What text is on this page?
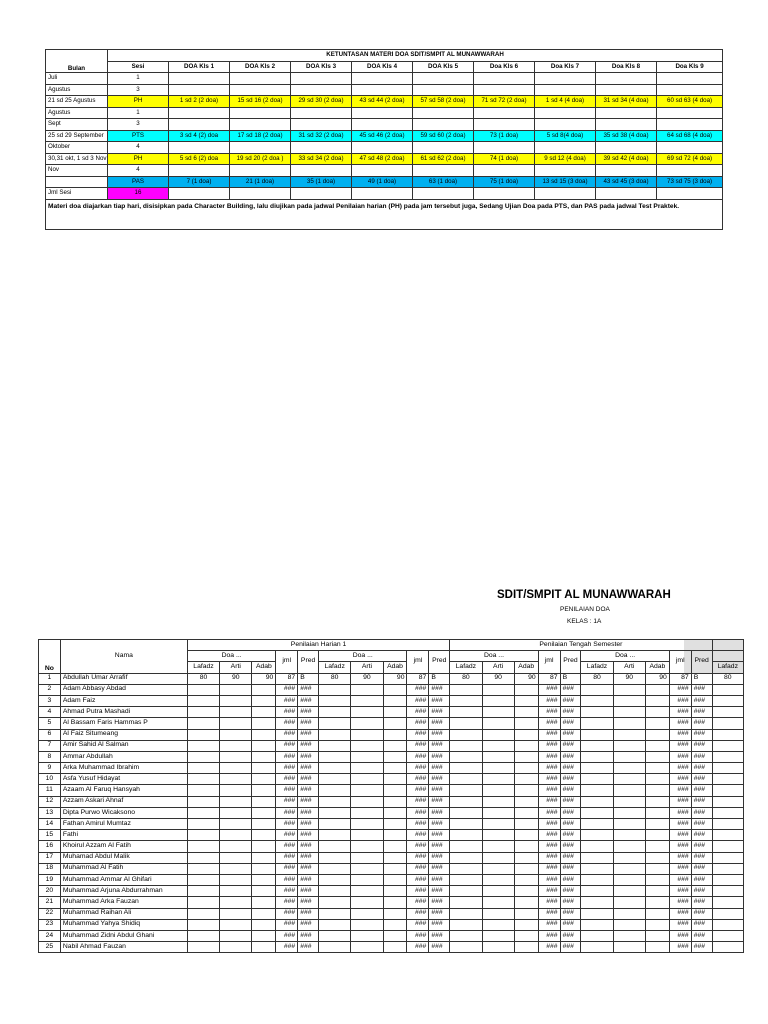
Bulan	KETUNTASAN MATERI DOA SDIT/SMPIT AL MUNAWWARAH									
	Sesi	DOA Kls 1	DOA Kls 2	DOA Kls 3	DOA Kls 4	DOA Kls 5	Doa Kls 6	Doa Kls 7	Doa Kls 8	Doa Kls 9
Juli	1									
Agustus	3									
21 sd 25 Agustus	PH	1 sd 2 (2 doa)	15 sd 16 (2 doa)	29 sd 30 (2 doa)	43 sd 44 (2 doa)	57 sd 58 (2 doa)	71 sd 72 (2 doa)	1 sd 4 (4 doa)	31 sd 34 (4 doa)	60 sd 63 (4 doa)
Agustus	1									
Sept	3									
25 sd 29 September	PTS	3 sd 4 (2) doa	17 sd 18 (2 doa)	31 sd 32 (2 doa)	45 sd 46 (2 doa)	59 sd 60 (2 doa)	73 (1 doa)	5 sd 8(4 doa)	35 sd 38 (4 doa)	64 sd 68 (4 doa)
Oktober	4									
30,31 okt, 1 sd 3 Nov	PH	5 sd 6 (2) doa	19 sd 20 (2 doa )	33 sd 34 (2 doa)	47 sd 48 (2 doa)	61 sd 62 (2 doa)	74 (1 doa)	9 sd 12 (4 doa)	39 sd 42 (4 doa)	69 sd 72 (4 doa)
Nov	4									
	PAS	7 (1 doa)	21 (1 doa)	35 (1 doa)	49 (1 doa)	63 (1 doa)	75 (1 doa)	13 sd 15 (3 doa)	43 sd 45 (3 doa)	73 sd 75 (3 doa)
Jml Sesi	16									
Materi doa diajarkan tiap hari, disisipkan pada Character Building, lalu diujikan pada jadwal Penilaian harian (PH) pada jam tersebut juga, Sedang Ujian Doa pada PTS, dan PAS pada jadwal Test Praktek.										
SDIT/SMPIT AL MUNAWWARAH
PENILAIAN DOA
KELAS : 1A
No	Nama	Penilaian Harian 1										Penilaian Tengah Semester										
		Doa ...			jml	Pred	Doa ...			jml	Pred	Doa ...			jml	Pred	Doa ...			jml	Pred	
		Lafadz	Arti	Adab			Lafadz	Arti	Adab			Lafadz	Arti	Adab			Lafadz	Arti	Adab			Lafadz
1	Abdullah Umar Arrafif	80	90	90	87	B	80	90	90	87	B	80	90	90	87	B	80	90	90	87	B	80
2	Adam Abbasy Abdad				###	###				###	###				###	###				###	###	
3	Adam Faiz				###	###				###	###				###	###				###	###	
4	Ahmad Putra Mashadi				###	###				###	###				###	###				###	###	
5	Al Bassam Faris Hammas P				###	###				###	###				###	###				###	###	
6	Al Faiz Situmeang				###	###				###	###				###	###				###	###	
7	Amir Sahid Al Salman				###	###				###	###				###	###				###	###	
8	Ammar Abdullah				###	###				###	###				###	###				###	###	
9	Arka Muhammad Ibrahim				###	###				###	###				###	###				###	###	
10	Asfa Yusuf Hidayat				###	###				###	###				###	###				###	###	
11	Azaam Al Faruq Hansyah				###	###				###	###				###	###				###	###	
12	Azzam Askari Ahnaf				###	###				###	###				###	###				###	###	
13	Dipta Purwo Wicaksono				###	###				###	###				###	###				###	###	
14	Fathan Amirul Mumtaz				###	###				###	###				###	###				###	###	
15	Fathi				###	###				###	###				###	###				###	###	
16	Khoirul Azzam Al Fatih				###	###				###	###				###	###				###	###	
17	Muhamad Abdul Malik				###	###				###	###				###	###				###	###	
18	Muhammad Al Fatih				###	###				###	###				###	###				###	###	
19	Muhammad Ammar Al Ghifari				###	###				###	###				###	###				###	###	
20	Muhammad Arjuna Abdurrahman				###	###				###	###				###	###				###	###	
21	Muhammad Arka Fauzan				###	###				###	###				###	###				###	###	
22	Muhammad Raihan Ali				###	###				###	###				###	###				###	###	
23	Muhammad Yahya Shidiq				###	###				###	###				###	###				###	###	
24	Muhammad Zidni Abdul Ghani				###	###				###	###				###	###				###	###	
25	Nabil Ahmad Fauzan				###	###				###	###				###	###				###	###	
